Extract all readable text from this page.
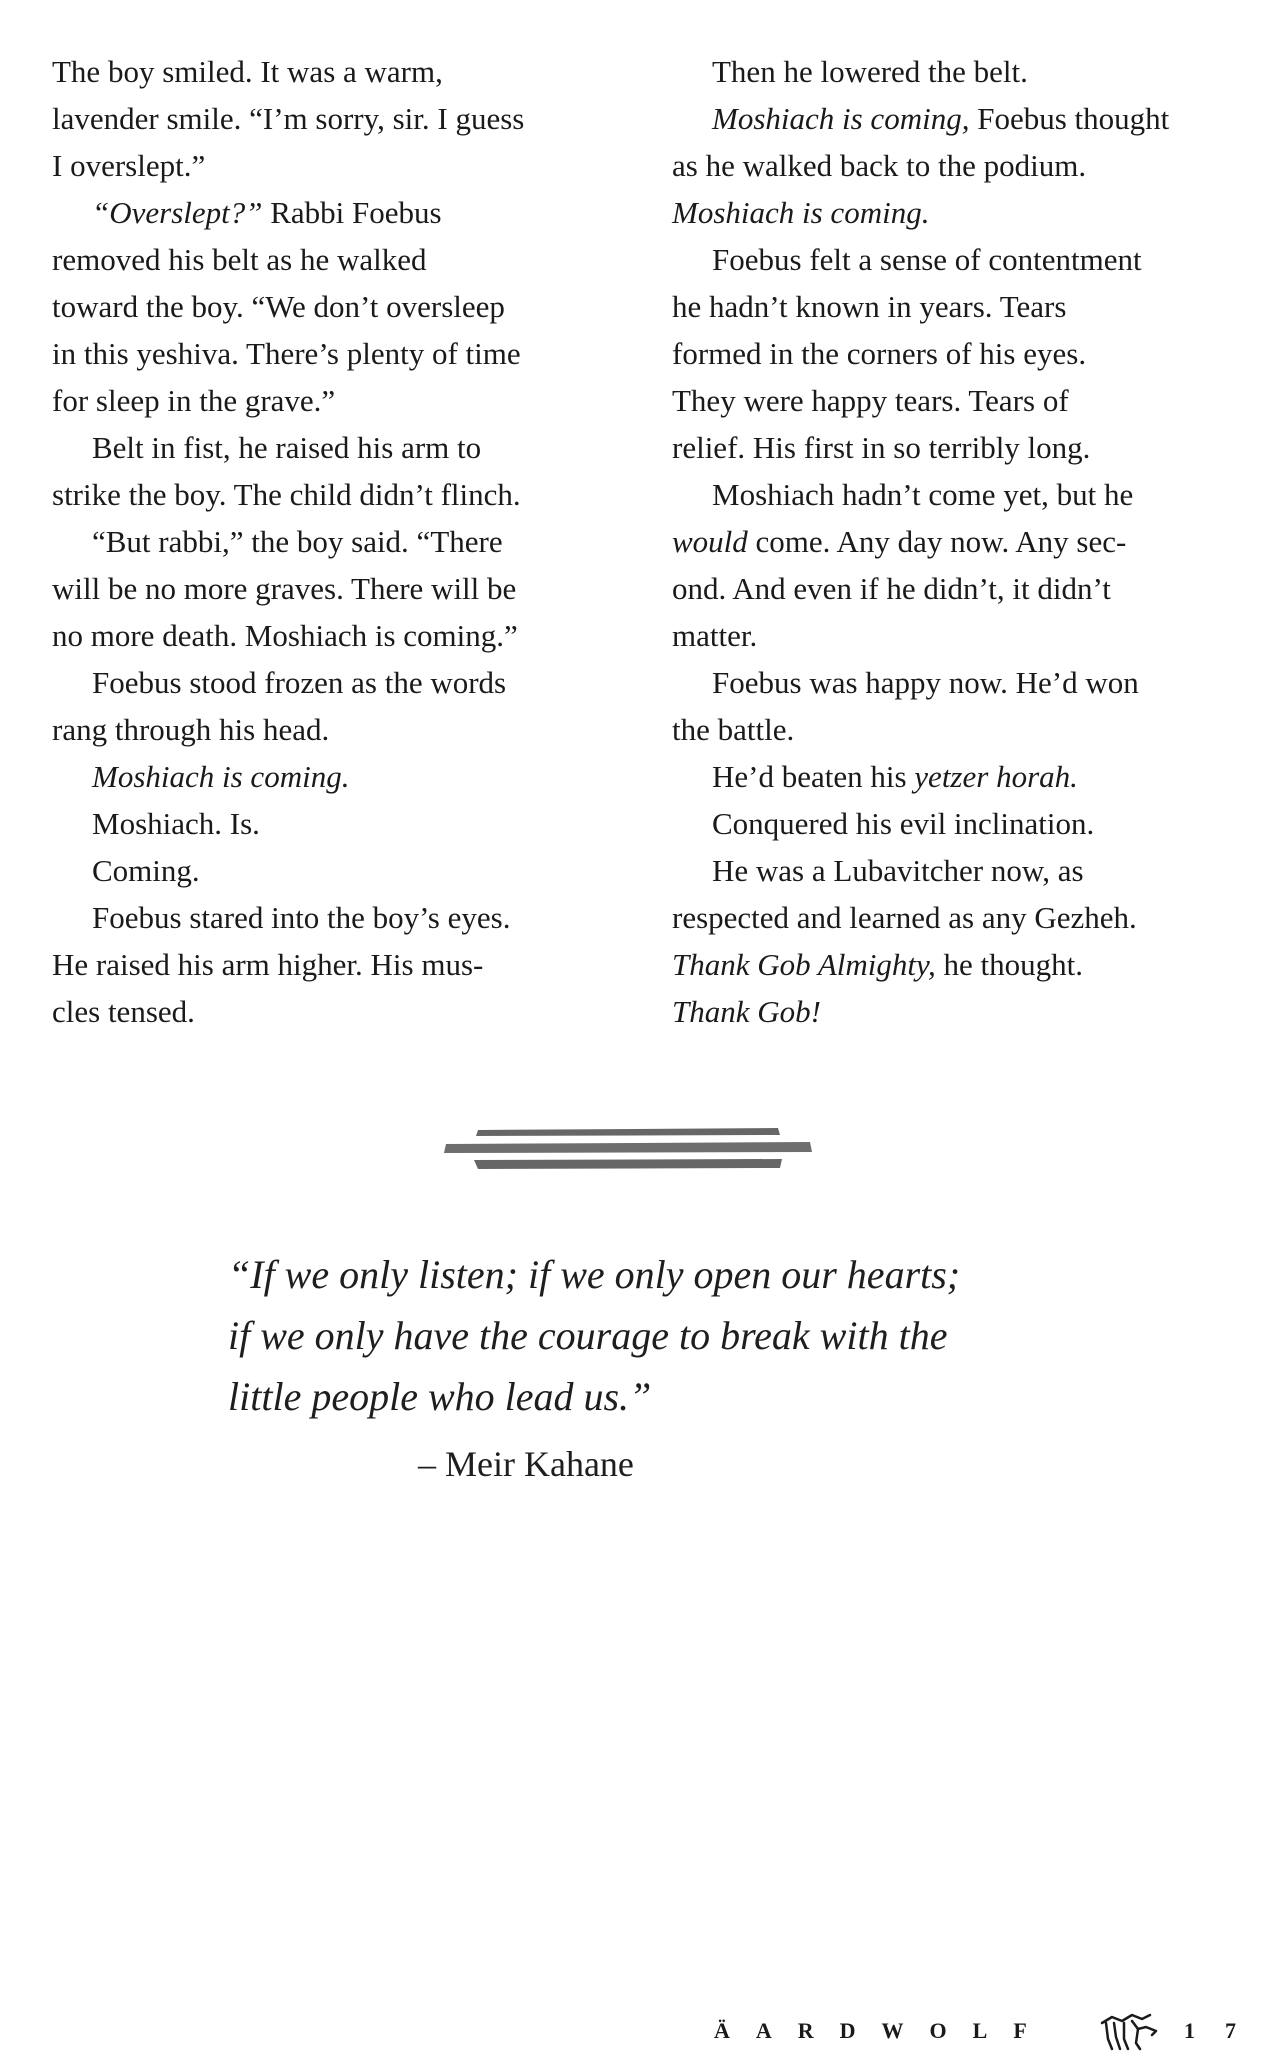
The boy smiled. It was a warm,
lavender smile. “I’m sorry, sir. I guess
I overslept.”
“Overslept?” Rabbi Foebus
removed his belt as he walked
toward the boy. “We don’t oversleep
in this yeshiva. There’s plenty of time
for sleep in the grave.”
Belt in fist, he raised his arm to
strike the boy. The child didn’t flinch.
“But rabbi,” the boy said. “There
will be no more graves. There will be
no more death. Moshiach is coming.”
Foebus stood frozen as the words
rang through his head.
Moshiach is coming.
Moshiach. Is.
Coming.
Foebus stared into the boy’s eyes.
He raised his arm higher. His mus-
cles tensed.
Then he lowered the belt.
Moshiach is coming, Foebus thought
as he walked back to the podium.
Moshiach is coming.
Foebus felt a sense of contentment
he hadn’t known in years. Tears
formed in the corners of his eyes.
They were happy tears. Tears of
relief. His first in so terribly long.
Moshiach hadn’t come yet, but he
would come. Any day now. Any sec-
ond. And even if he didn’t, it didn’t
matter.
Foebus was happy now. He’d won
the battle.
He’d beaten his yetzer horah.
Conquered his evil inclination.
He was a Lubavitcher now, as
respected and learned as any Gezheh.
Thank Gob Almighty, he thought.
Thank Gob!
“If we only listen; if we only open our hearts;
if we only have the courage to break with the
little people who lead us.”
– Meir Kahane
ÄARDWOLF	17
